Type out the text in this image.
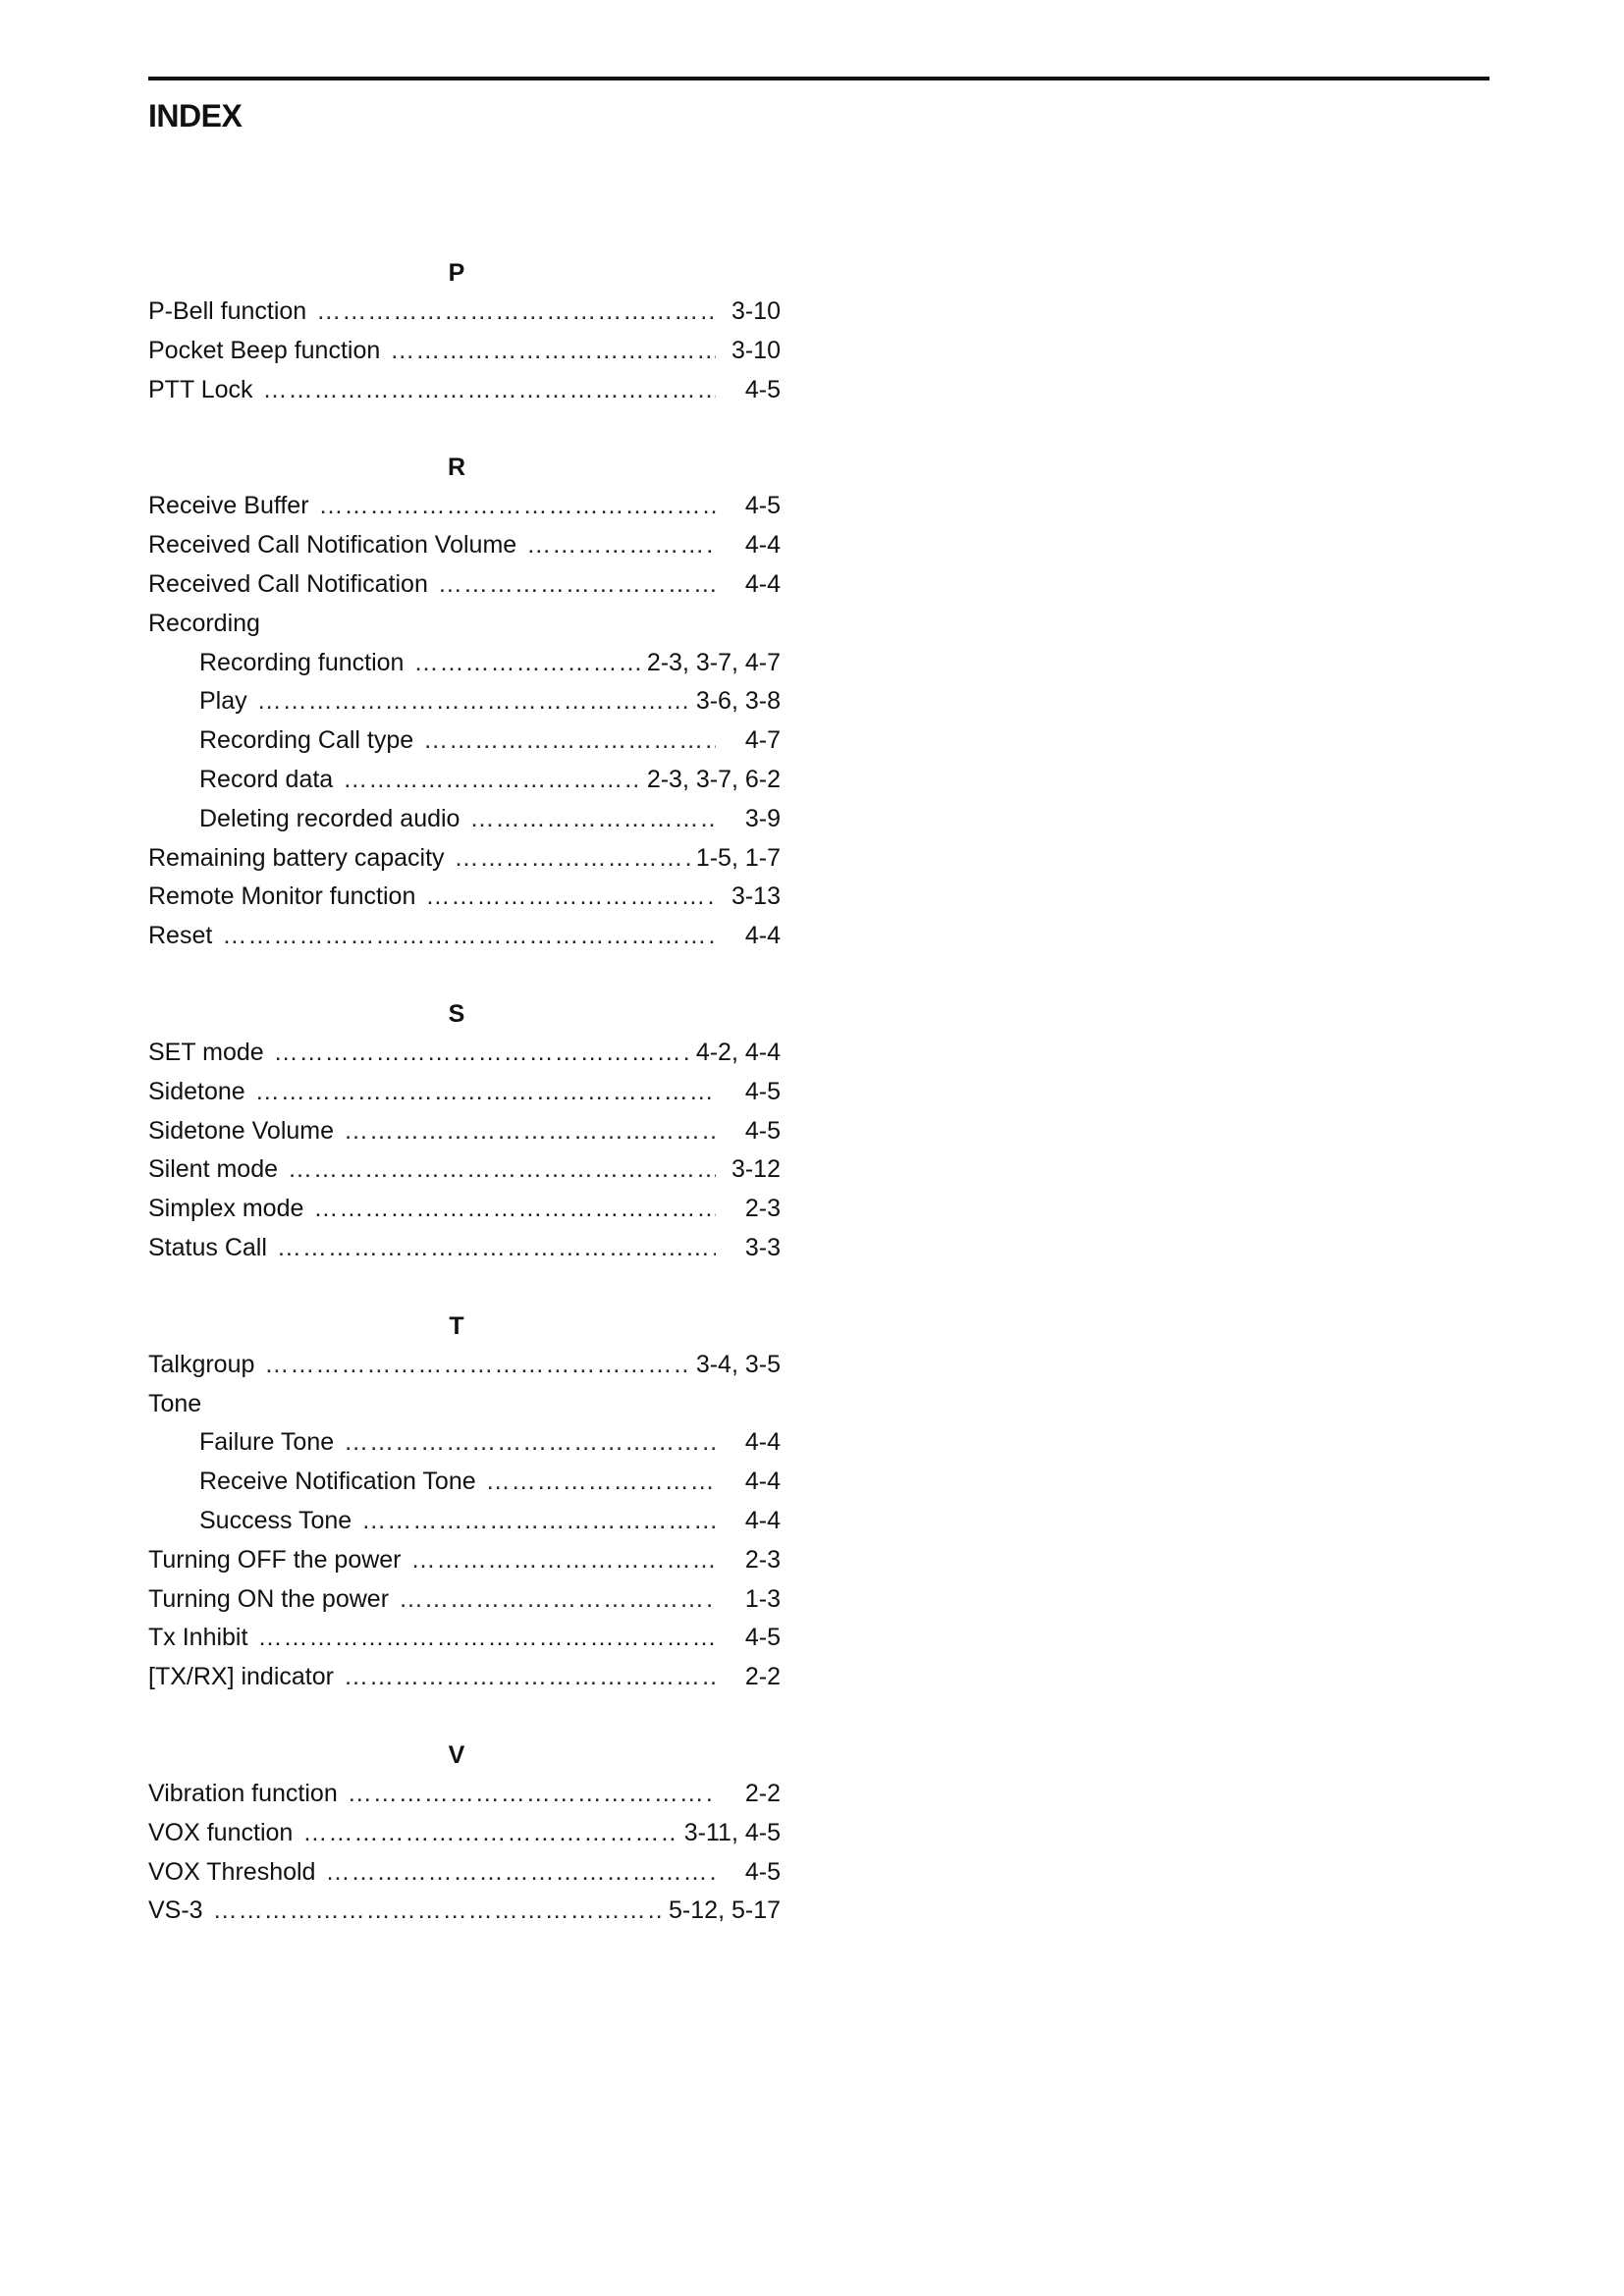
INDEX
P
P-Bell function ……………………………………………………………………………………………………………………………………………………………………	3-10
Pocket Beep function ……………………………………………………………………………………………………………………………………………………………………	3-10
PTT Lock ……………………………………………………………………………………………………………………………………………………………………	4-5
R
Receive Buffer ……………………………………………………………………………………………………………………………………………………………………	4-5
Received Call Notification Volume ……………………………………………………………………………………………………………………………………………………………………	4-4
Received Call Notification ……………………………………………………………………………………………………………………………………………………………………	4-4
Recording
Recording function ……………………………………………………………………………………………………………………………………………………………………	2-3, 3-7, 4-7
Play ……………………………………………………………………………………………………………………………………………………………………	3-6, 3-8
Recording Call type ……………………………………………………………………………………………………………………………………………………………………	4-7
Record data ……………………………………………………………………………………………………………………………………………………………………	2-3, 3-7, 6-2
Deleting recorded audio ……………………………………………………………………………………………………………………………………………………………………	3-9
Remaining battery capacity ……………………………………………………………………………………………………………………………………………………………………	1-5, 1-7
Remote Monitor function ……………………………………………………………………………………………………………………………………………………………………	3-13
Reset ……………………………………………………………………………………………………………………………………………………………………	4-4
S
SET mode ……………………………………………………………………………………………………………………………………………………………………	4-2, 4-4
Sidetone ……………………………………………………………………………………………………………………………………………………………………	4-5
Sidetone Volume ……………………………………………………………………………………………………………………………………………………………………	4-5
Silent mode ……………………………………………………………………………………………………………………………………………………………………	3-12
Simplex mode ……………………………………………………………………………………………………………………………………………………………………	2-3
Status Call ……………………………………………………………………………………………………………………………………………………………………	3-3
T
Talkgroup ……………………………………………………………………………………………………………………………………………………………………	3-4, 3-5
Tone
Failure Tone ……………………………………………………………………………………………………………………………………………………………………	4-4
Receive Notification Tone ……………………………………………………………………………………………………………………………………………………………………	4-4
Success Tone ……………………………………………………………………………………………………………………………………………………………………	4-4
Turning OFF the power ……………………………………………………………………………………………………………………………………………………………………	2-3
Turning ON the power ……………………………………………………………………………………………………………………………………………………………………	1-3
Tx Inhibit ……………………………………………………………………………………………………………………………………………………………………	4-5
[TX/RX] indicator ……………………………………………………………………………………………………………………………………………………………………	2-2
V
Vibration function ……………………………………………………………………………………………………………………………………………………………………	2-2
VOX function ……………………………………………………………………………………………………………………………………………………………………	3-11, 4-5
VOX Threshold ……………………………………………………………………………………………………………………………………………………………………	4-5
VS-3 ……………………………………………………………………………………………………………………………………………………………………	5-12, 5-17
